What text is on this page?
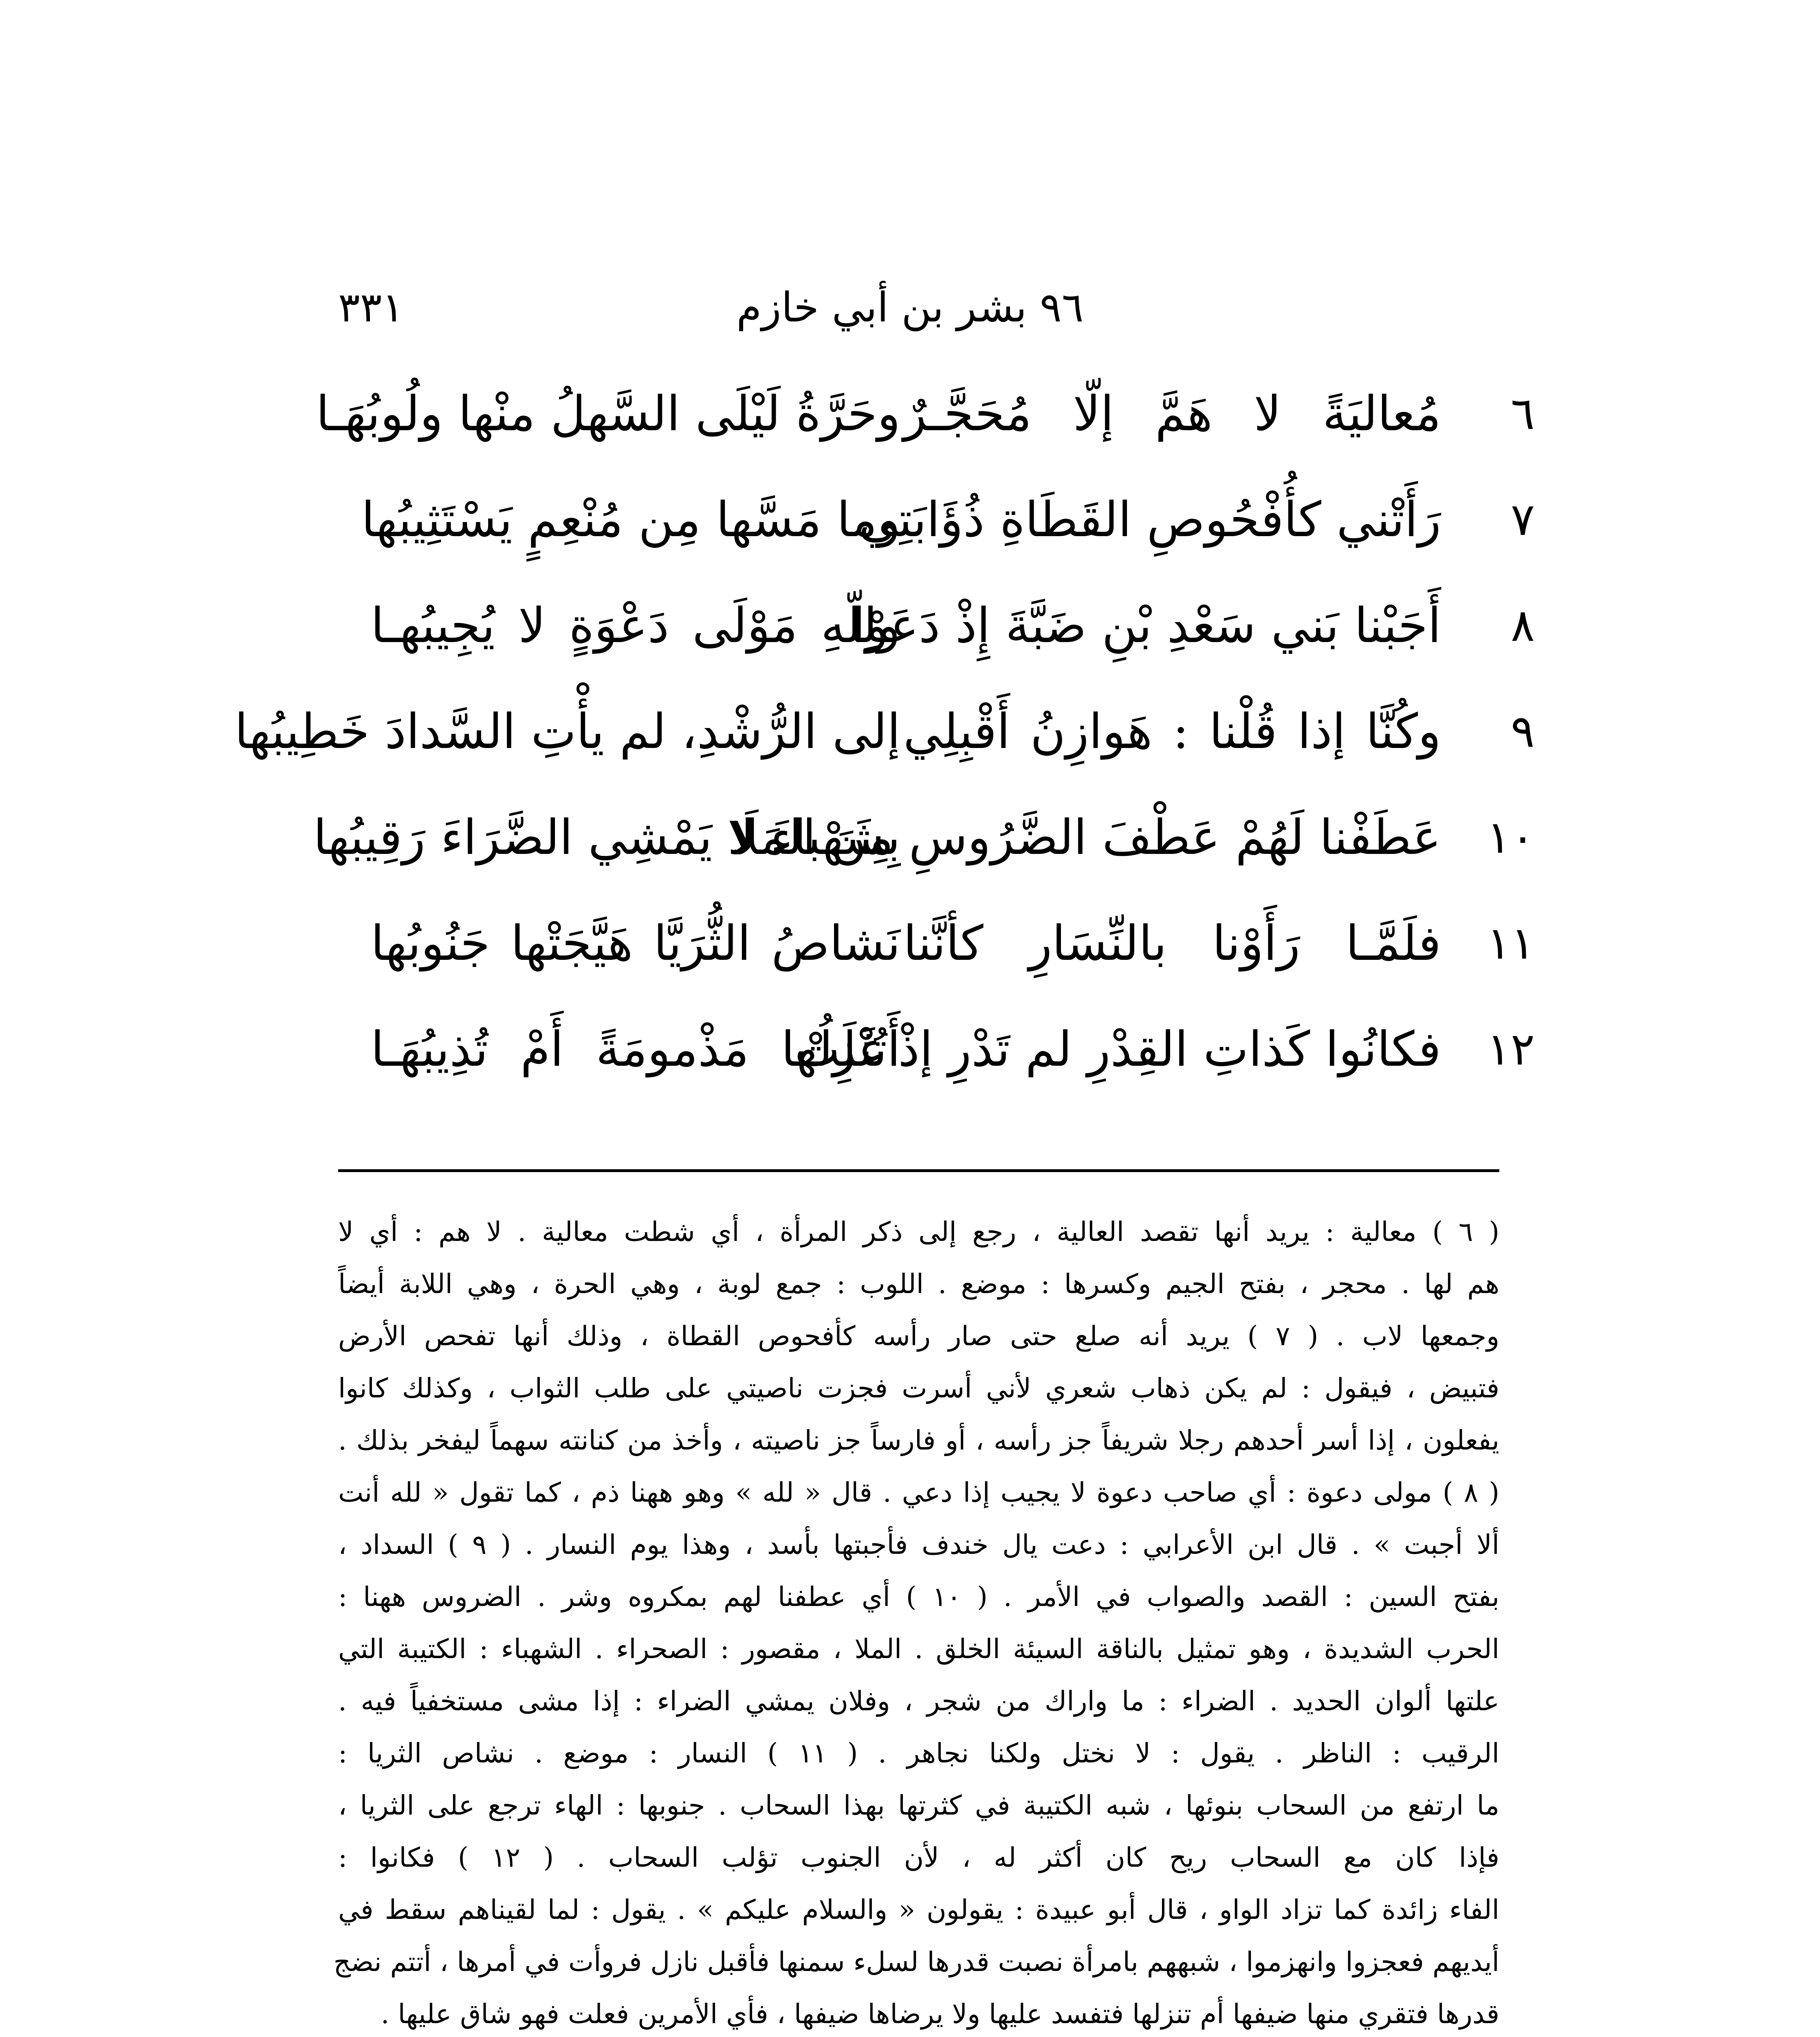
٣٣١	٩٦ بشر بن أبي خازم
٦
مُعاليَةً لا هَمَّ إلّا مُحَجَّـرٌ
وحَرَّةُ لَيْلَى السَّهلُ منْها ولُوبُهَـا
٧
رَأَتْني كأُفْحُوصِ القَطَاةِ ذُؤَابَتِي
وما مَسَّها مِن مُنْعِمٍ يَسْتَثِيبُها
٨
أَجَبْنا بَني سَعْدِ بْنِ ضَبَّةَ إِذْ دَعَوْا
ولِلّهِ مَوْلَى دَعْوَةٍ لا يُجِيبُهـا
٩
وكُنَّا إذا قُلْنا : هَوازِنُ أَقْبِلِي
إلى الرُّشْدِ، لم يأْتِ السَّدادَ خَطِيبُها
١٠
عَطَفْنا لَهُمْ عَطْفَ الضَّرُوسِ مِنَ المَلَا
بِشَهْباءَ لا يَمْشِي الضَّرَاءَ رَقِيبُها
١١
فلَمَّـا رَأَوْنا بالنِّسَارِ كأنَّنا
نَشاصُ الثُّرَيَّا هَيَّجَتْها جَنُوبُها
١٢
فكانُوا كَذاتِ القِدْرِ لم تَدْرِ إذْ غَلَتْ
أَتُنْزِلُها مَذْمومَةً أَمْ تُذِيبُهَـا
( ٦ ) معالية : يريد أنها تقصد العالية ، رجع إلى ذكر المرأة ، أي شطت معالية . لا هم : أي لا
هم لها . محجر ، بفتح الجيم وكسرها : موضع . اللوب : جمع لوبة ، وهي الحرة ، وهي اللابة أيضاً
وجمعها لاب . ( ٧ ) يريد أنه صلع حتى صار رأسه كأفحوص القطاة ، وذلك أنها تفحص الأرض
فتبيض ، فيقول : لم يكن ذهاب شعري لأني أسرت فجزت ناصيتي على طلب الثواب ، وكذلك كانوا
يفعلون ، إذا أسر أحدهم رجلا شريفاً جز رأسه ، أو فارساً جز ناصيته ، وأخذ من كنانته سهماً ليفخر بذلك .
( ٨ ) مولى دعوة : أي صاحب دعوة لا يجيب إذا دعي . قال « لله » وهو ههنا ذم ، كما تقول « لله أنت
ألا أجبت » . قال ابن الأعرابي : دعت يال خندف فأجبتها بأسد ، وهذا يوم النسار . ( ٩ ) السداد ،
بفتح السين : القصد والصواب في الأمر . ( ١٠ ) أي عطفنا لهم بمكروه وشر . الضروس ههنا :
الحرب الشديدة ، وهو تمثيل بالناقة السيئة الخلق . الملا ، مقصور : الصحراء . الشهباء : الكتيبة التي
علتها ألوان الحديد . الضراء : ما واراك من شجر ، وفلان يمشي الضراء : إذا مشى مستخفياً فيه .
الرقيب : الناظر . يقول : لا نختل ولكنا نجاهر . ( ١١ ) النسار : موضع . نشاص الثريا :
ما ارتفع من السحاب بنوئها ، شبه الكتيبة في كثرتها بهذا السحاب . جنوبها : الهاء ترجع على الثريا ،
فإذا كان مع السحاب ريح كان أكثر له ، لأن الجنوب تؤلب السحاب . ( ١٢ ) فكانوا :
الفاء زائدة كما تزاد الواو ، قال أبو عبيدة : يقولون « والسلام عليكم » . يقول : لما لقيناهم سقط في
أيديهم فعجزوا وانهزموا ، شبههم بامرأة نصبت قدرها لسلء سمنها فأقبل نازل فروأت في أمرها ، أتتم نضج
قدرها فتقري منها ضيفها أم تنزلها فتفسد عليها ولا يرضاها ضيفها ، فأي الأمرين فعلت فهو شاق عليها .
